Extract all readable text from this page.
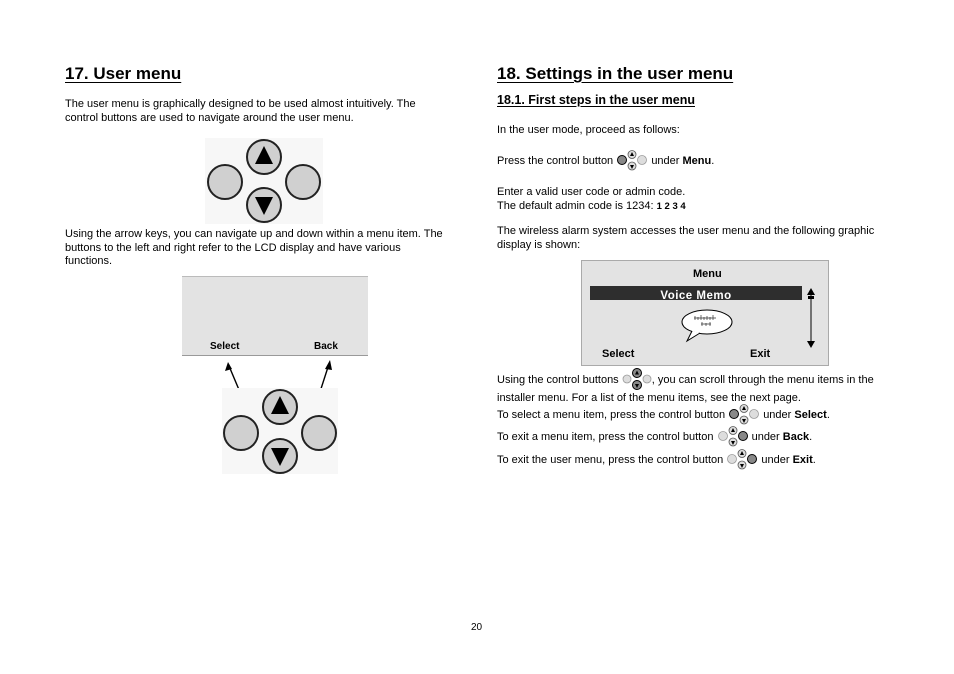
17. User menu
The user menu is graphically designed to be used almost intuitively. The
control buttons are used to navigate around the user menu.
Using the arrow keys, you can navigate up and down within a menu item. The
buttons to the left and right refer to the LCD display and have various
functions.
Select	Back
18. Settings in the user menu
18.1. First steps in the user menu
In the user mode, proceed as follows:
Press the control button	under Menu.
Enter a valid user code or admin code.
The default admin code is 1234: 1 2 3 4
The wireless alarm system accesses the user menu and the following graphic
display is shown:
Menu
Voice Memo
Select	Exit
Using the control buttons	, you can scroll through the menu items in the
installer menu. For a list of the menu items, see the next page.
To select a menu item, press the control button	under Select.
To exit a menu item, press the control button	under Back.
To exit the user menu, press the control button	under Exit.
20
